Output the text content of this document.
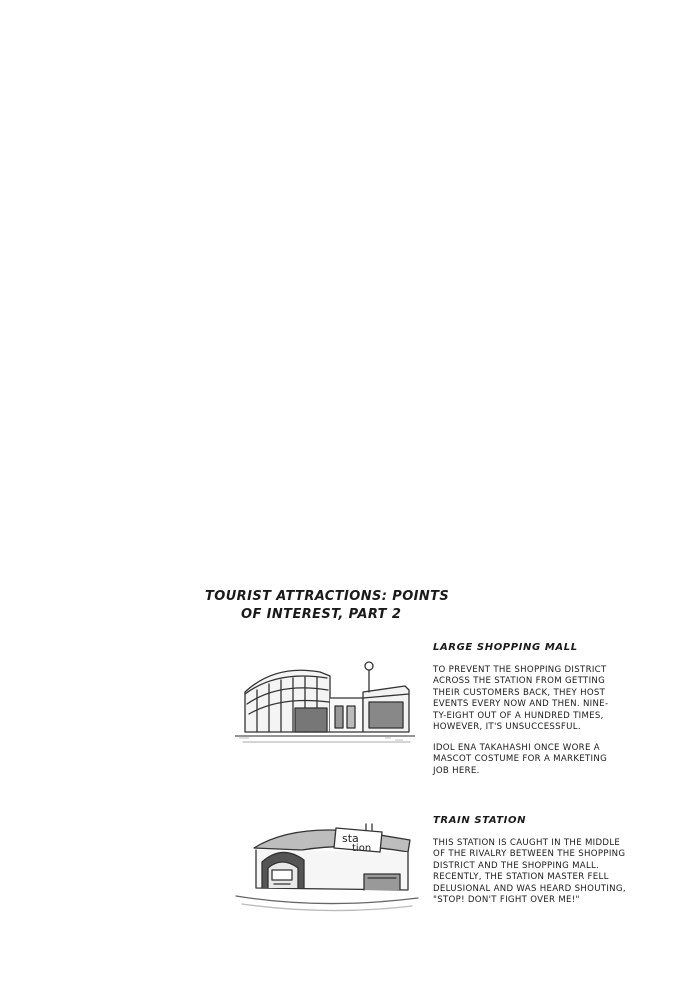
TOURIST ATTRACTIONS: POINTS
OF INTEREST, PART 2
LARGE SHOPPING MALL
TO PREVENT THE SHOPPING DISTRICT
ACROSS THE STATION FROM GETTING
THEIR CUSTOMERS BACK, THEY HOST
EVENTS EVERY NOW AND THEN. NINE-
TY-EIGHT OUT OF A HUNDRED TIMES,
HOWEVER, IT'S UNSUCCESSFUL.
IDOL ENA TAKAHASHI ONCE WORE A
MASCOT COSTUME FOR A MARKETING
JOB HERE.
sta
tion
TRAIN STATION
THIS STATION IS CAUGHT IN THE MIDDLE
OF THE RIVALRY BETWEEN THE SHOPPING
DISTRICT AND THE SHOPPING MALL.
RECENTLY, THE STATION MASTER FELL
DELUSIONAL AND WAS HEARD SHOUTING,
"STOP! DON'T FIGHT OVER ME!"
